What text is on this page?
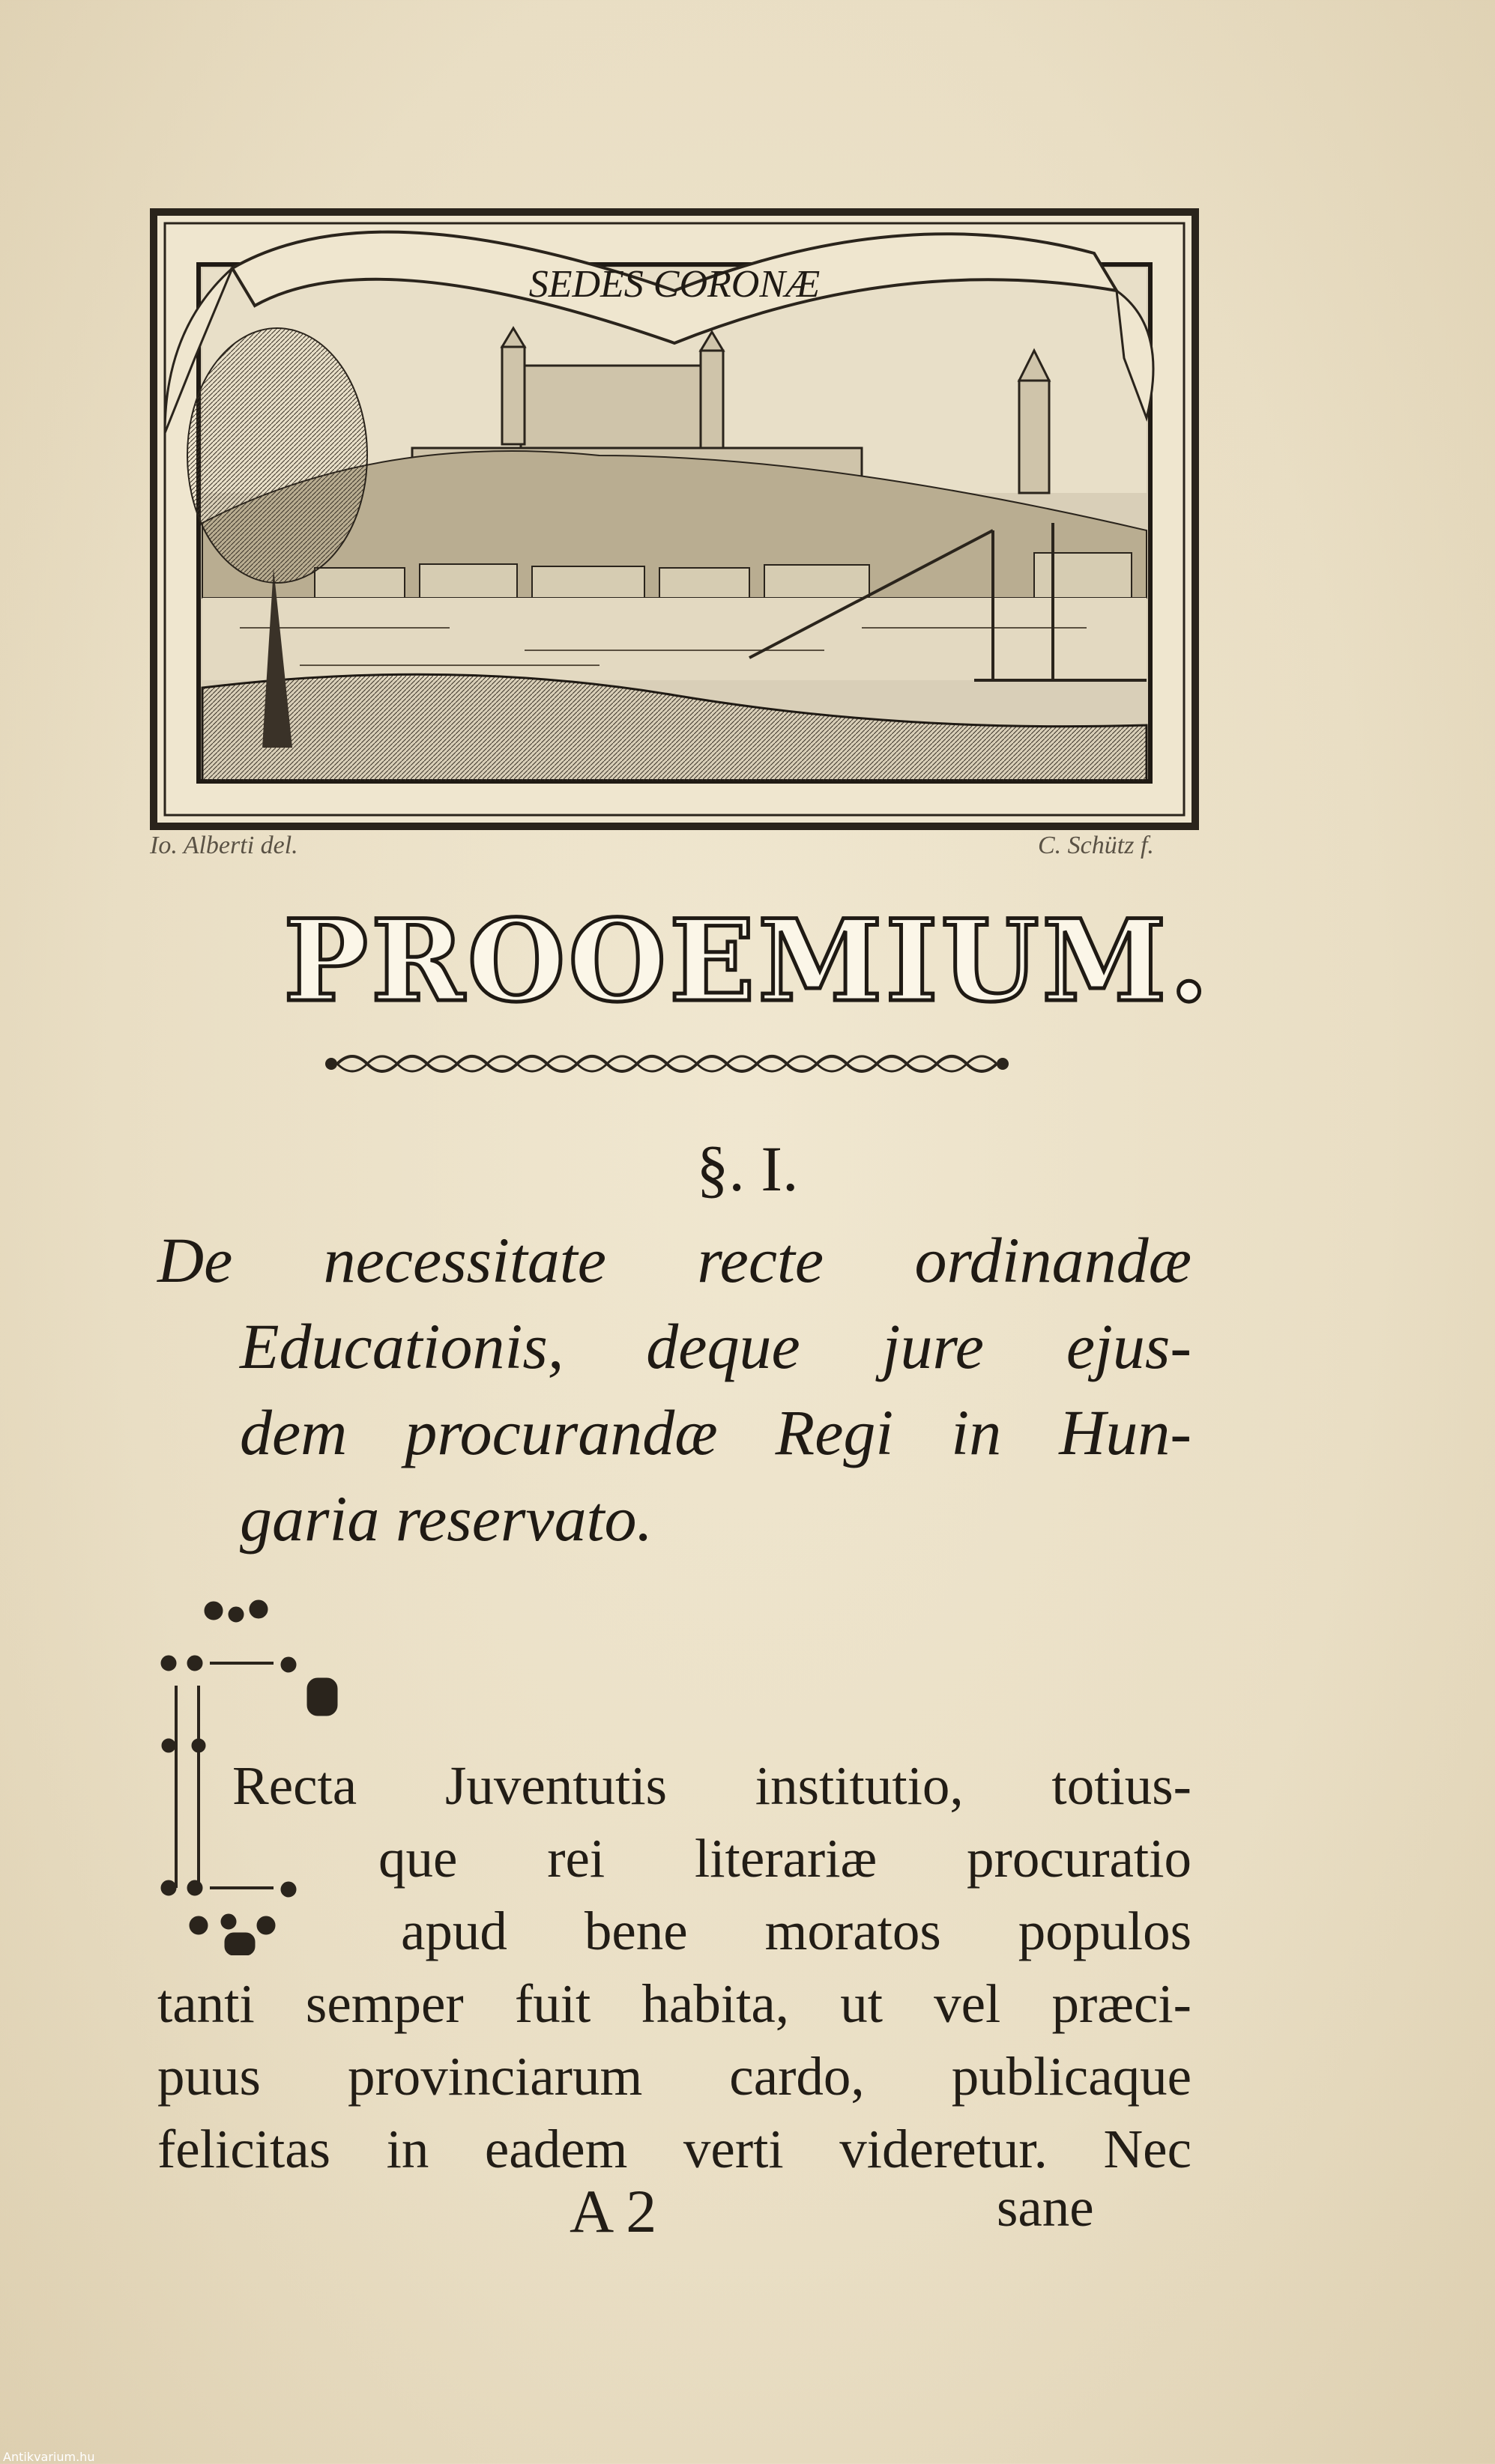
SEDES CORONÆ
Io. Alberti del.	C. Schütz f.
PROOEMIUM.
§. I.
De necessitate recte ordinandæ
Educationis, deque jure ejus-
dem procurandæ Regi in Hun-
garia reservato.
Recta Juventutis institutio, totius-
que rei literariæ procuratio
apud bene moratos populos
tanti semper fuit habita, ut vel præci-
puus provinciarum cardo, publicaque
felicitas in eadem verti videretur. Nec
A 2	sane
Antikvarium.hu
